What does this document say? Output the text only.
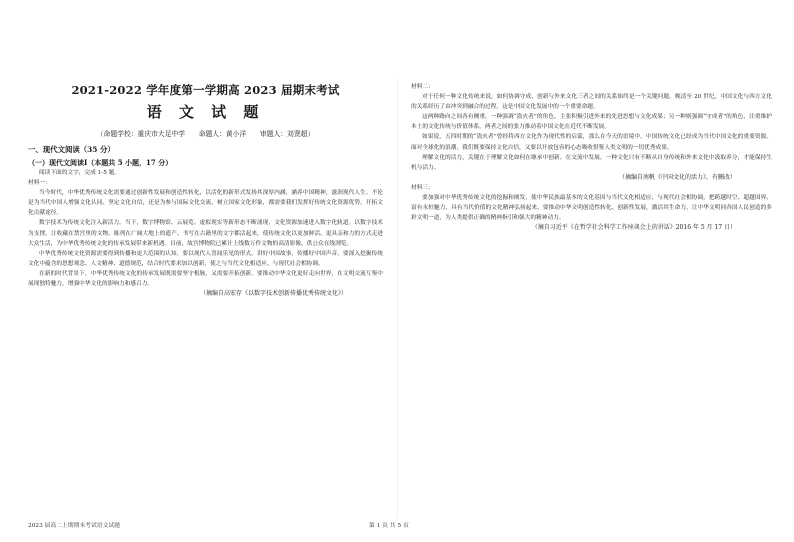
2021-2022 学年度第一学期高 2023 届期末考试
语 文 试 题
（命题学校：重庆市大足中学　　命题人：黄小洋　　审题人：刘贤超）
一、现代文阅读（35 分）
（一）现代文阅读Ⅰ（本题共 5 小题，17 分）
阅读下面的文字，完成 1-5 题。
材料一：
当今时代，中华优秀传统文化需要通过创新性发展和创造性转化，以活化的新形式发扬其深厚内涵，涵养中国精神，滋润现代人生。不论是为当代中国人增强文化认同、坚定文化自信，还是为参与国际文化交流、树立国家文化形象，都需要我们发挥好传统文化资源优势，开拓文化贡献途径。
数字技术为传统文化注入新活力。当下，数字博物馆、云展览、虚拟现实等新形态不断涌现，文化资源加速进入数字化轨道。以数字技术为支撑，让收藏在禁宫里的文物、陈列在广阔大地上的遗产、书写在古籍里的文字都活起来，使传统文化以更加鲜活、更具亲和力的方式走进大众生活，为中华优秀传统文化的传承发展带来新机遇。目前，故宫博物院已累计上线数万件文物的高清影像，供公众在线浏览。
中华优秀传统文化资源需要得到传播和更大范围的认知。要以现代人喜闻乐见的形式，讲好中国故事，传播好中国声音。要深入挖掘传统文化中蕴含的思想观念、人文精神、道德规范，结合时代要求加以创新，使之与当代文化相适应、与现代社会相协调。
在新的时代背景下，中华优秀传统文化的传承发展既需要坚守根脉，又需要开拓创新。要推动中华文化更好走向世界，在文明交流互鉴中展现独特魅力，增强中华文化的影响力和感召力。
（摘编自高宏存《以数字技术创新传播优秀传统文化》）
材料二：
对于任何一种文化传统来说，如何协调守成、创新与外来文化三者之间的关系始终是一个关键问题。晚清至 20 世纪，中国文化与西方文化的关系经历了由冲突到融合的过程，这是中国文化发展中的一个重要命题。
这两种路向之间各有侧重，一种强调“盗火者”的角色，主张积极引进外来的先进思想与文化成果；另一种则强调“守成者”的角色，注重维护本土的文化传统与价值体系。两者之间的张力推动着中国文化在近代不断发展。
如果说，五四时期的“盗火者”曾经将西方文化作为现代性的启蒙，那么在今天的语境中，中国传统文化已经成为当代中国文化的重要资源。面对全球化的浪潮，我们既要保持文化自信，又要以开放包容的心态吸收借鉴人类文明的一切优秀成果。
理解文化的活力，关键在于理解文化如何在继承中创新、在交流中发展。一种文化只有不断从自身传统和外来文化中汲取养分，才能保持生机与活力。
（摘编自南帆《中国文化的活力》，有删改）
材料三：
要加强对中华优秀传统文化的挖掘和阐发，使中华民族最基本的文化基因与当代文化相适应、与现代社会相协调，把跨越时空、超越国界、富有永恒魅力、具有当代价值的文化精神弘扬起来。要推动中华文明创造性转化、创新性发展，激活其生命力，让中华文明同各国人民创造的多彩文明一道，为人类提供正确的精神指引和强大的精神动力。
（摘自习近平《在哲学社会科学工作座谈会上的讲话》2016 年 5 月 17 日）
2023 届高二上期期末考试语文试题	第 1 页 共 5 页
